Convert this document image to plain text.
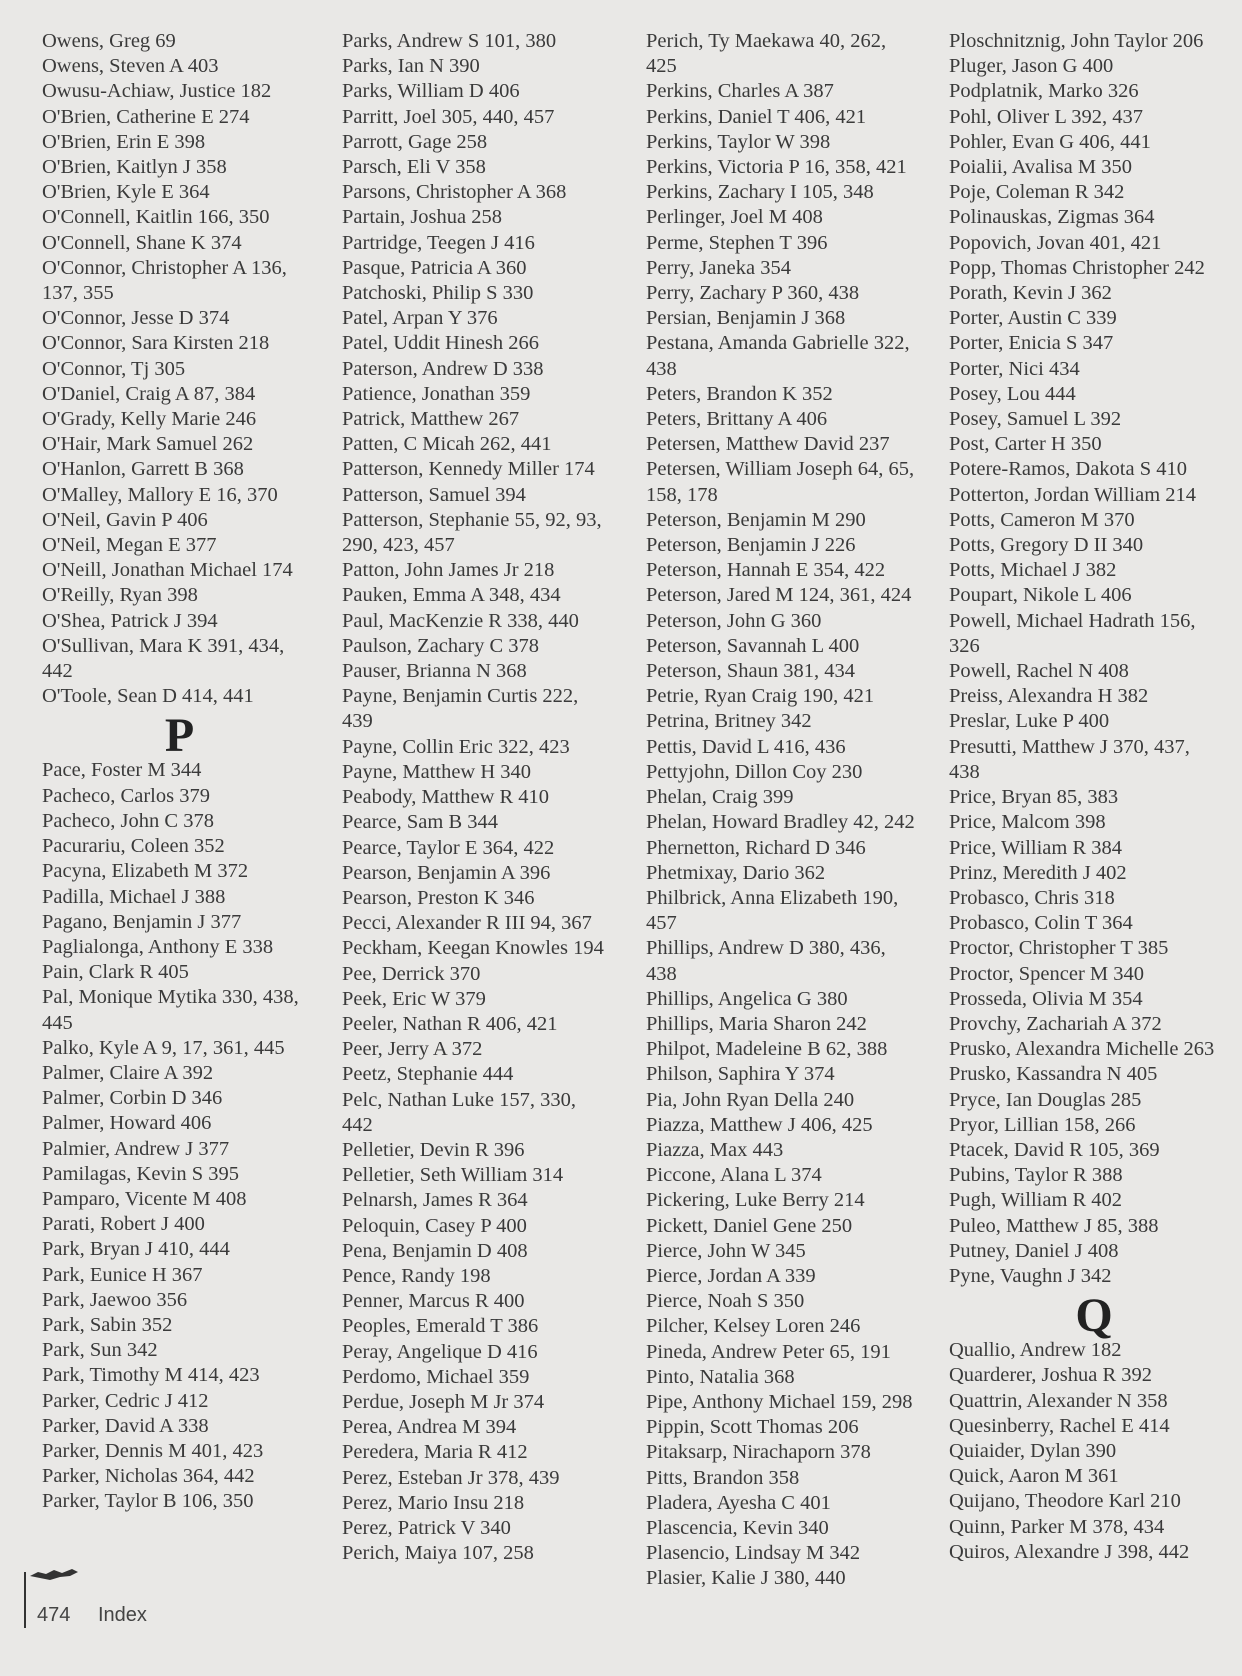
Owens, Greg 69
Owens, Steven A 403
Owusu-Achiaw, Justice 182
O'Brien, Catherine E 274
O'Brien, Erin E 398
O'Brien, Kaitlyn J 358
O'Brien, Kyle E 364
O'Connell, Kaitlin 166, 350
O'Connell, Shane K 374
O'Connor, Christopher A 136,
137, 355
O'Connor, Jesse D 374
O'Connor, Sara Kirsten 218
O'Connor, Tj 305
O'Daniel, Craig A 87, 384
O'Grady, Kelly Marie 246
O'Hair, Mark Samuel 262
O'Hanlon, Garrett B 368
O'Malley, Mallory E 16, 370
O'Neil, Gavin P 406
O'Neil, Megan E 377
O'Neill, Jonathan Michael 174
O'Reilly, Ryan 398
O'Shea, Patrick J 394
O'Sullivan, Mara K 391, 434,
442
O'Toole, Sean D 414, 441
P
Pace, Foster M 344
Pacheco, Carlos 379
Pacheco, John C 378
Pacurariu, Coleen 352
Pacyna, Elizabeth M 372
Padilla, Michael J 388
Pagano, Benjamin J 377
Paglialonga, Anthony E 338
Pain, Clark R 405
Pal, Monique Mytika 330, 438,
445
Palko, Kyle A 9, 17, 361, 445
Palmer, Claire A 392
Palmer, Corbin D 346
Palmer, Howard 406
Palmier, Andrew J 377
Pamilagas, Kevin S 395
Pamparo, Vicente M 408
Parati, Robert J 400
Park, Bryan J 410, 444
Park, Eunice H 367
Park, Jaewoo 356
Park, Sabin 352
Park, Sun 342
Park, Timothy M 414, 423
Parker, Cedric J 412
Parker, David A 338
Parker, Dennis M 401, 423
Parker, Nicholas 364, 442
Parker, Taylor B 106, 350
Parks, Andrew S 101, 380
Parks, Ian N 390
Parks, William D 406
Parritt, Joel 305, 440, 457
Parrott, Gage 258
Parsch, Eli V 358
Parsons, Christopher A 368
Partain, Joshua 258
Partridge, Teegen J 416
Pasque, Patricia A 360
Patchoski, Philip S 330
Patel, Arpan Y 376
Patel, Uddit Hinesh 266
Paterson, Andrew D 338
Patience, Jonathan 359
Patrick, Matthew 267
Patten, C Micah 262, 441
Patterson, Kennedy Miller 174
Patterson, Samuel 394
Patterson, Stephanie 55, 92, 93,
290, 423, 457
Patton, John James Jr 218
Pauken, Emma A 348, 434
Paul, MacKenzie R 338, 440
Paulson, Zachary C 378
Pauser, Brianna N 368
Payne, Benjamin Curtis 222,
439
Payne, Collin Eric 322, 423
Payne, Matthew H 340
Peabody, Matthew R 410
Pearce, Sam B 344
Pearce, Taylor E 364, 422
Pearson, Benjamin A 396
Pearson, Preston K 346
Pecci, Alexander R III 94, 367
Peckham, Keegan Knowles 194
Pee, Derrick 370
Peek, Eric W 379
Peeler, Nathan R 406, 421
Peer, Jerry A 372
Peetz, Stephanie 444
Pelc, Nathan Luke 157, 330,
442
Pelletier, Devin R 396
Pelletier, Seth William 314
Pelnarsh, James R 364
Peloquin, Casey P 400
Pena, Benjamin D 408
Pence, Randy 198
Penner, Marcus R 400
Peoples, Emerald T 386
Peray, Angelique D 416
Perdomo, Michael 359
Perdue, Joseph M Jr 374
Perea, Andrea M 394
Peredera, Maria R 412
Perez, Esteban Jr 378, 439
Perez, Mario Insu 218
Perez, Patrick V 340
Perich, Maiya 107, 258
Perich, Ty Maekawa 40, 262,
425
Perkins, Charles A 387
Perkins, Daniel T 406, 421
Perkins, Taylor W 398
Perkins, Victoria P 16, 358, 421
Perkins, Zachary I 105, 348
Perlinger, Joel M 408
Perme, Stephen T 396
Perry, Janeka 354
Perry, Zachary P 360, 438
Persian, Benjamin J 368
Pestana, Amanda Gabrielle 322,
438
Peters, Brandon K 352
Peters, Brittany A 406
Petersen, Matthew David 237
Petersen, William Joseph 64, 65,
158, 178
Peterson, Benjamin M 290
Peterson, Benjamin J 226
Peterson, Hannah E 354, 422
Peterson, Jared M 124, 361, 424
Peterson, John G 360
Peterson, Savannah L 400
Peterson, Shaun 381, 434
Petrie, Ryan Craig 190, 421
Petrina, Britney 342
Pettis, David L 416, 436
Pettyjohn, Dillon Coy 230
Phelan, Craig 399
Phelan, Howard Bradley 42, 242
Phernetton, Richard D 346
Phetmixay, Dario 362
Philbrick, Anna Elizabeth 190,
457
Phillips, Andrew D 380, 436,
438
Phillips, Angelica G 380
Phillips, Maria Sharon 242
Philpot, Madeleine B 62, 388
Philson, Saphira Y 374
Pia, John Ryan Della 240
Piazza, Matthew J 406, 425
Piazza, Max 443
Piccone, Alana L 374
Pickering, Luke Berry 214
Pickett, Daniel Gene 250
Pierce, John W 345
Pierce, Jordan A 339
Pierce, Noah S 350
Pilcher, Kelsey Loren 246
Pineda, Andrew Peter 65, 191
Pinto, Natalia 368
Pipe, Anthony Michael 159, 298
Pippin, Scott Thomas 206
Pitaksarp, Nirachaporn 378
Pitts, Brandon 358
Pladera, Ayesha C 401
Plascencia, Kevin 340
Plasencio, Lindsay M 342
Plasier, Kalie J 380, 440
Ploschnitznig, John Taylor 206
Pluger, Jason G 400
Podplatnik, Marko 326
Pohl, Oliver L 392, 437
Pohler, Evan G 406, 441
Poialii, Avalisa M 350
Poje, Coleman R 342
Polinauskas, Zigmas 364
Popovich, Jovan 401, 421
Popp, Thomas Christopher 242
Porath, Kevin J 362
Porter, Austin C 339
Porter, Enicia S 347
Porter, Nici 434
Posey, Lou 444
Posey, Samuel L 392
Post, Carter H 350
Potere-Ramos, Dakota S 410
Potterton, Jordan William 214
Potts, Cameron M 370
Potts, Gregory D II 340
Potts, Michael J 382
Poupart, Nikole L 406
Powell, Michael Hadrath 156,
326
Powell, Rachel N 408
Preiss, Alexandra H 382
Preslar, Luke P 400
Presutti, Matthew J 370, 437,
438
Price, Bryan 85, 383
Price, Malcom 398
Price, William R 384
Prinz, Meredith J 402
Probasco, Chris 318
Probasco, Colin T 364
Proctor, Christopher T 385
Proctor, Spencer M 340
Prosseda, Olivia M 354
Provchy, Zachariah A 372
Prusko, Alexandra Michelle 263
Prusko, Kassandra N 405
Pryce, Ian Douglas 285
Pryor, Lillian 158, 266
Ptacek, David R 105, 369
Pubins, Taylor R 388
Pugh, William R 402
Puleo, Matthew J 85, 388
Putney, Daniel J 408
Pyne, Vaughn J 342
Q
Quallio, Andrew 182
Quarderer, Joshua R 392
Quattrin, Alexander N 358
Quesinberry, Rachel E 414
Quiaider, Dylan 390
Quick, Aaron M 361
Quijano, Theodore Karl 210
Quinn, Parker M 378, 434
Quiros, Alexandre J 398, 442
474 Index
